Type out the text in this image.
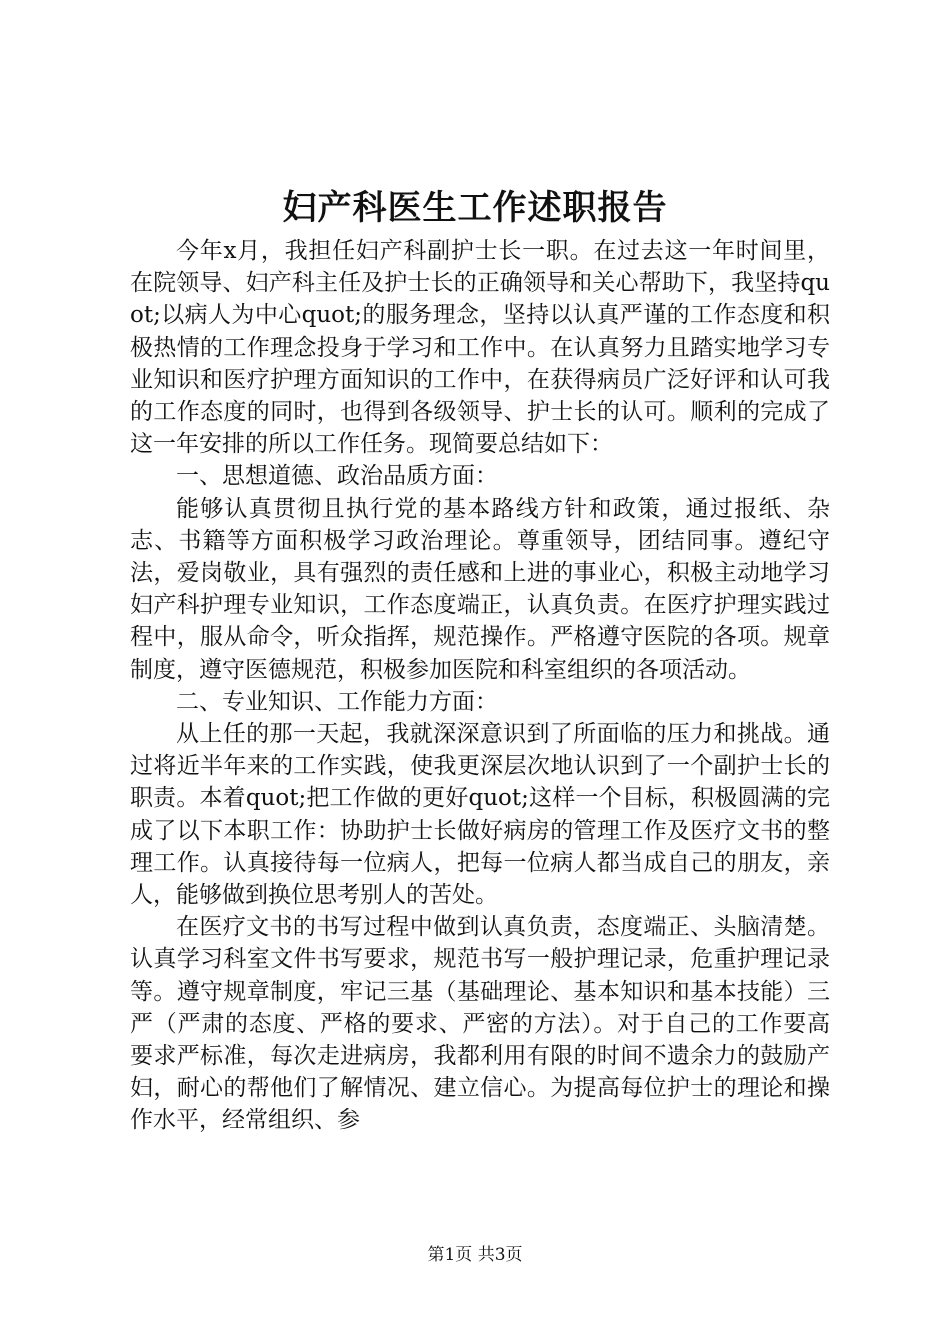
妇产科医生工作述职报告

今年x月，我担任妇产科副护士长一职。在过去这一年时间里，在院领导、妇产科主任及护士长的正确领导和关心帮助下，我坚持quot;以病人为中心quot;的服务理念，坚持以认真严谨的工作态度和积极热情的工作理念投身于学习和工作中。在认真努力且踏实地学习专业知识和医疗护理方面知识的工作中，在获得病员广泛好评和认可我的工作态度的同时，也得到各级领导、护士长的认可。顺利的完成了这一年安排的所以工作任务。现简要总结如下：

一、思想道德、政治品质方面：

能够认真贯彻且执行党的基本路线方针和政策，通过报纸、杂志、书籍等方面积极学习政治理论。尊重领导，团结同事。遵纪守法，爱岗敬业，具有强烈的责任感和上进的事业心，积极主动地学习妇产科护理专业知识，工作态度端正，认真负责。在医疗护理实践过程中，服从命令，听众指挥，规范操作。严格遵守医院的各项。规章制度，遵守医德规范，积极参加医院和科室组织的各项活动。

二、专业知识、工作能力方面：

从上任的那一天起，我就深深意识到了所面临的压力和挑战。通过将近半年来的工作实践，使我更深层次地认识到了一个副护士长的职责。本着quot;把工作做的更好quot;这样一个目标，积极圆满的完成了以下本职工作：协助护士长做好病房的管理工作及医疗文书的整理工作。认真接待每一位病人，把每一位病人都当成自己的朋友，亲人，能够做到换位思考别人的苦处。

在医疗文书的书写过程中做到认真负责，态度端正、头脑清楚。认真学习科室文件书写要求，规范书写一般护理记录，危重护理记录等。遵守规章制度，牢记三基（基础理论、基本知识和基本技能）三严（严肃的态度、严格的要求、严密的方法）。对于自己的工作要高要求严标准，每次走进病房，我都利用有限的时间不遗余力的鼓励产妇，耐心的帮他们了解情况、建立信心。为提高每位护士的理论和操作水平，经常组织、参

第1页 共3页
